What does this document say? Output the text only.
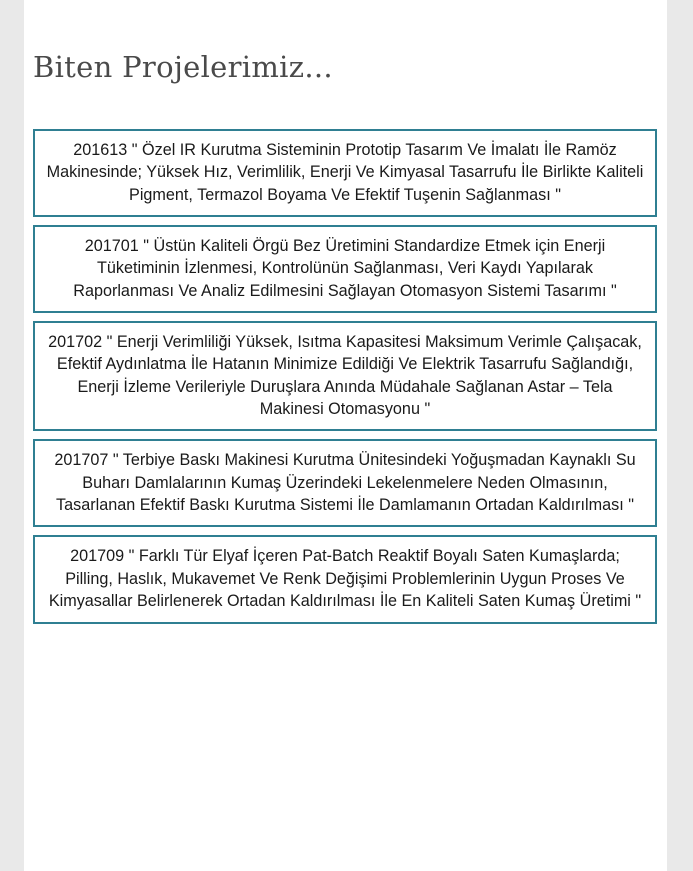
Biten Projelerimiz...
201613 " Özel IR Kurutma Sisteminin Prototip Tasarım Ve İmalatı İle Ramöz Makinesinde; Yüksek Hız, Verimlilik, Enerji Ve Kimyasal Tasarrufu İle Birlikte Kaliteli Pigment, Termazol Boyama Ve Efektif Tuşenin Sağlanması "
201701 " Üstün Kaliteli Örgü Bez Üretimini Standardize Etmek için Enerji Tüketiminin İzlenmesi, Kontrolünün Sağlanması, Veri Kaydı Yapılarak Raporlanması Ve Analiz Edilmesini Sağlayan Otomasyon Sistemi Tasarımı "
201702 " Enerji Verimliliği Yüksek, Isıtma Kapasitesi Maksimum Verimle Çalışacak, Efektif Aydınlatma İle Hatanın Minimize Edildiği Ve Elektrik Tasarrufu Sağlandığı, Enerji İzleme Verileriyle Duruşlara Anında Müdahale Sağlanan Astar – Tela Makinesi Otomasyonu "
201707 " Terbiye Baskı Makinesi Kurutma Ünitesindeki Yoğuşmadan Kaynaklı Su Buharı Damlalarının Kumaş Üzerindeki Lekelenmelere Neden Olmasının, Tasarlanan Efektif Baskı Kurutma Sistemi İle Damlamanın Ortadan Kaldırılması "
201709 " Farklı Tür Elyaf İçeren Pat-Batch Reaktif Boyalı Saten Kumaşlarda; Pilling, Haslık, Mukavemet Ve Renk Değişimi Problemlerinin Uygun Proses Ve Kimyasallar Belirlenerek Ortadan Kaldırılması İle En Kaliteli Saten Kumaş Üretimi "
